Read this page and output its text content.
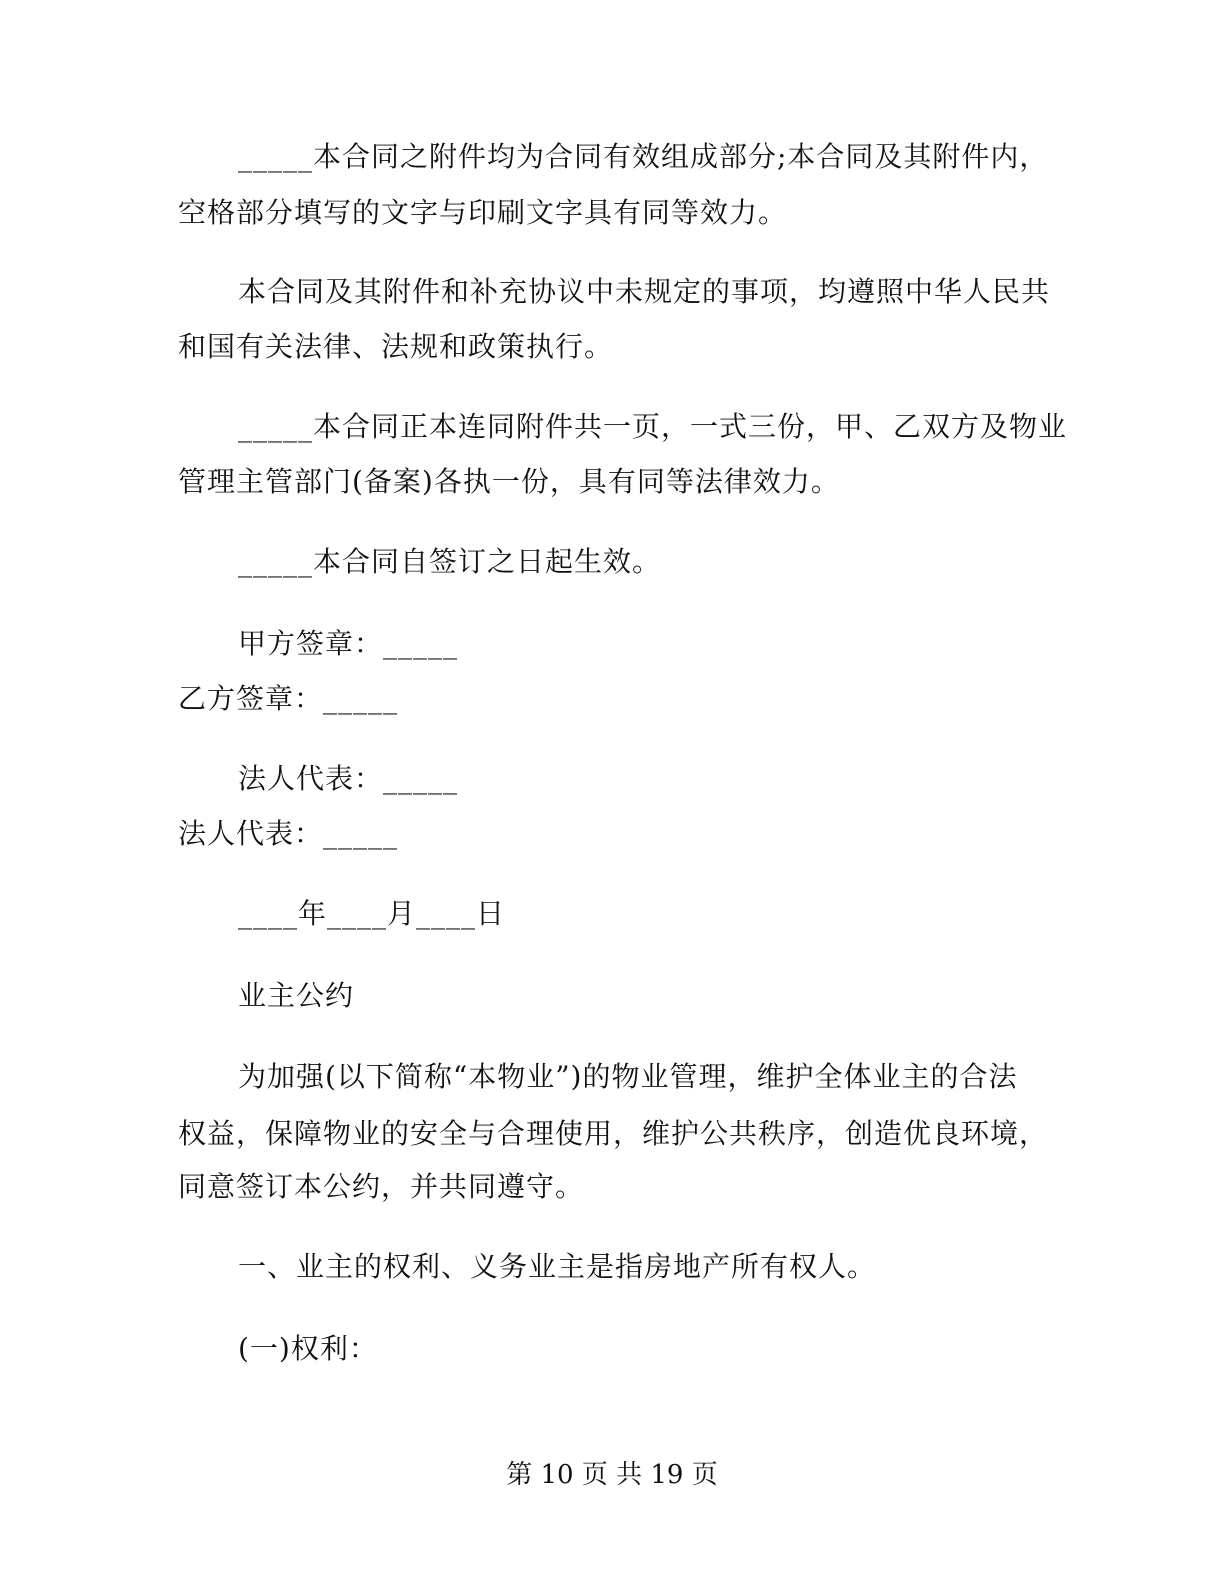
_____本合同之附件均为合同有效组成部分;本合同及其附件内，
空格部分填写的文字与印刷文字具有同等效力。
本合同及其附件和补充协议中未规定的事项，均遵照中华人民共
和国有关法律、法规和政策执行。
_____本合同正本连同附件共一页，一式三份，甲、乙双方及物业
管理主管部门(备案)各执一份，具有同等法律效力。
_____本合同自签订之日起生效。
甲方签章：_____
乙方签章：_____
法人代表：_____
法人代表：_____
____年____月____日
业主公约
为加强(以下简称“本物业”)的物业管理，维护全体业主的合法
权益，保障物业的安全与合理使用，维护公共秩序，创造优良环境，
同意签订本公约，并共同遵守。
一、业主的权利、义务业主是指房地产所有权人。
(一)权利：
第 10 页 共 19 页
